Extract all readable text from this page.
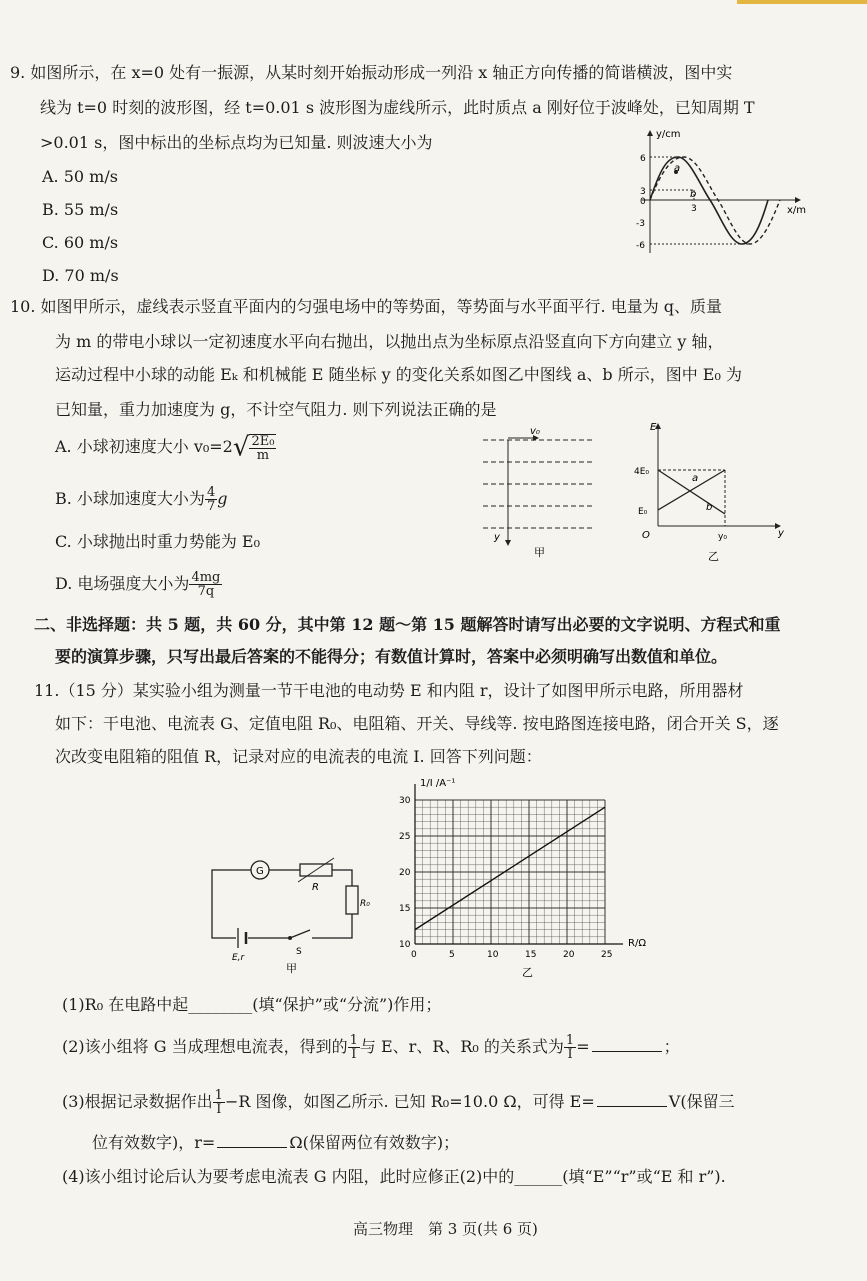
9. 如图所示，在 x=0 处有一振源，从某时刻开始振动形成一列沿 x 轴正方向传播的简谐横波，图中实
线为 t=0 时刻的波形图，经 t=0.01 s 波形图为虚线所示，此时质点 a 刚好位于波峰处，已知周期 T
>0.01 s，图中标出的坐标点均为已知量. 则波速大小为
A. 50 m/s
B. 55 m/s
C. 60 m/s
D. 70 m/s
a
b
y/cm
x/m
6
3
0
-3
-6
3
10. 如图甲所示，虚线表示竖直平面内的匀强电场中的等势面，等势面与水平面平行. 电量为 q、质量
为 m 的带电小球以一定初速度水平向右抛出，以抛出点为坐标原点沿竖直向下方向建立 y 轴，
运动过程中小球的动能 Eₖ 和机械能 E 随坐标 y 的变化关系如图乙中图线 a、b 所示，图中 E₀ 为
已知量，重力加速度为 g，不计空气阻力. 则下列说法正确的是
A. 小球初速度大小 $v_0=2√ \frac{\text{2E₀}}{m}$
B. 小球加速度大小为 $\frac{4}{7}$ g
C. 小球抛出时重力势能为 E₀
D. 电场强度大小为 $\frac{4mg}{7q}$
v₀
y
甲
E
y
4E₀
E₀
O	y₀
a
b
乙
二、非选择题：共 5 题，共 60 分，其中第 12 题～第 15 题解答时请写出必要的文字说明、方程式和重
要的演算步骤，只写出最后答案的不能得分；有数值计算时，答案中必须明确写出数值和单位。
11.（15 分）某实验小组为测量一节干电池的电动势 E 和内阻 r，设计了如图甲所示电路，所用器材
如下：干电池、电流表 G、定值电阻 R₀、电阻箱、开关、导线等. 按电路图连接电路，闭合开关 S，逐
次改变电阻箱的阻值 R，记录对应的电流表的电流 I. 回答下列问题：
G
R
R₀
E,r
S
甲
0	5	10	15	20	25
10
15
20
25
30
1/I /A⁻¹
R/Ω
乙
(1)R₀ 在电路中起________(填“保护”或“分流”)作用；
(2)该小组将 G 当成理想电流表，得到的 $\frac{1}{I}$ 与 E、r、R、R₀ 的关系式为 $\frac{1}{I}$ =	；
(3)根据记录数据作出 $\frac{1}{I} -R$ 图像，如图乙所示. 已知 R₀=10.0 Ω，可得 E=	V(保留三
位有效数字)，r=	Ω(保留两位有效数字)；
(4)该小组讨论后认为要考虑电流表 G 内阻，此时应修正(2)中的______(填“E”“r”或“E 和 r”).
高三物理　第 3 页(共 6 页)
